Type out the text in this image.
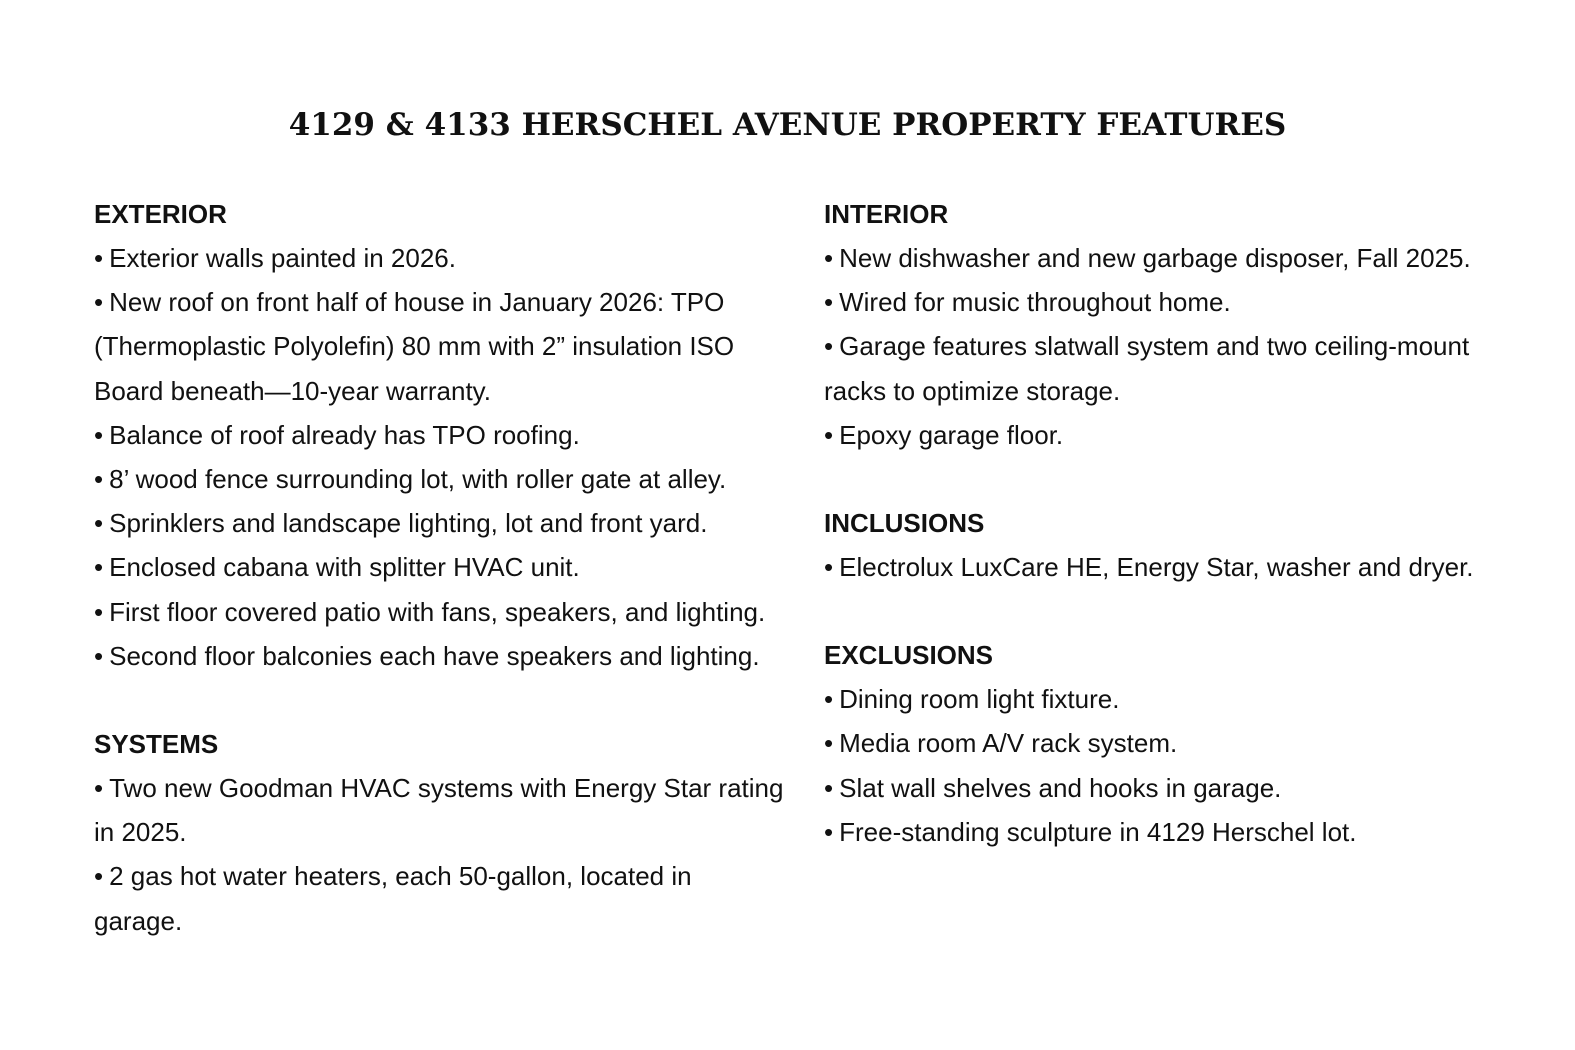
4129 & 4133 HERSCHEL AVENUE PROPERTY FEATURES
EXTERIOR
• Exterior walls painted in 2026.
• New roof on front half of house in January 2026: TPO (Thermoplastic Polyolefin) 80 mm with 2” insulation ISO Board beneath—10-year warranty.
• Balance of roof already has TPO roofing.
• 8’ wood fence surrounding lot, with roller gate at alley.
• Sprinklers and landscape lighting, lot and front yard.
• Enclosed cabana with splitter HVAC unit.
• First floor covered patio with fans, speakers, and lighting.
• Second floor balconies each have speakers and lighting.
SYSTEMS
• Two new Goodman HVAC systems with Energy Star rating in 2025.
• 2 gas hot water heaters, each 50-gallon, located in garage.
INTERIOR
• New dishwasher and new garbage disposer, Fall 2025.
• Wired for music throughout home.
• Garage features slatwall system and two ceiling-mount racks to optimize storage.
• Epoxy garage floor.
INCLUSIONS
• Electrolux LuxCare HE, Energy Star, washer and dryer.
EXCLUSIONS
• Dining room light fixture.
• Media room A/V rack system.
• Slat wall shelves and hooks in garage.
• Free-standing sculpture in 4129 Herschel lot.
